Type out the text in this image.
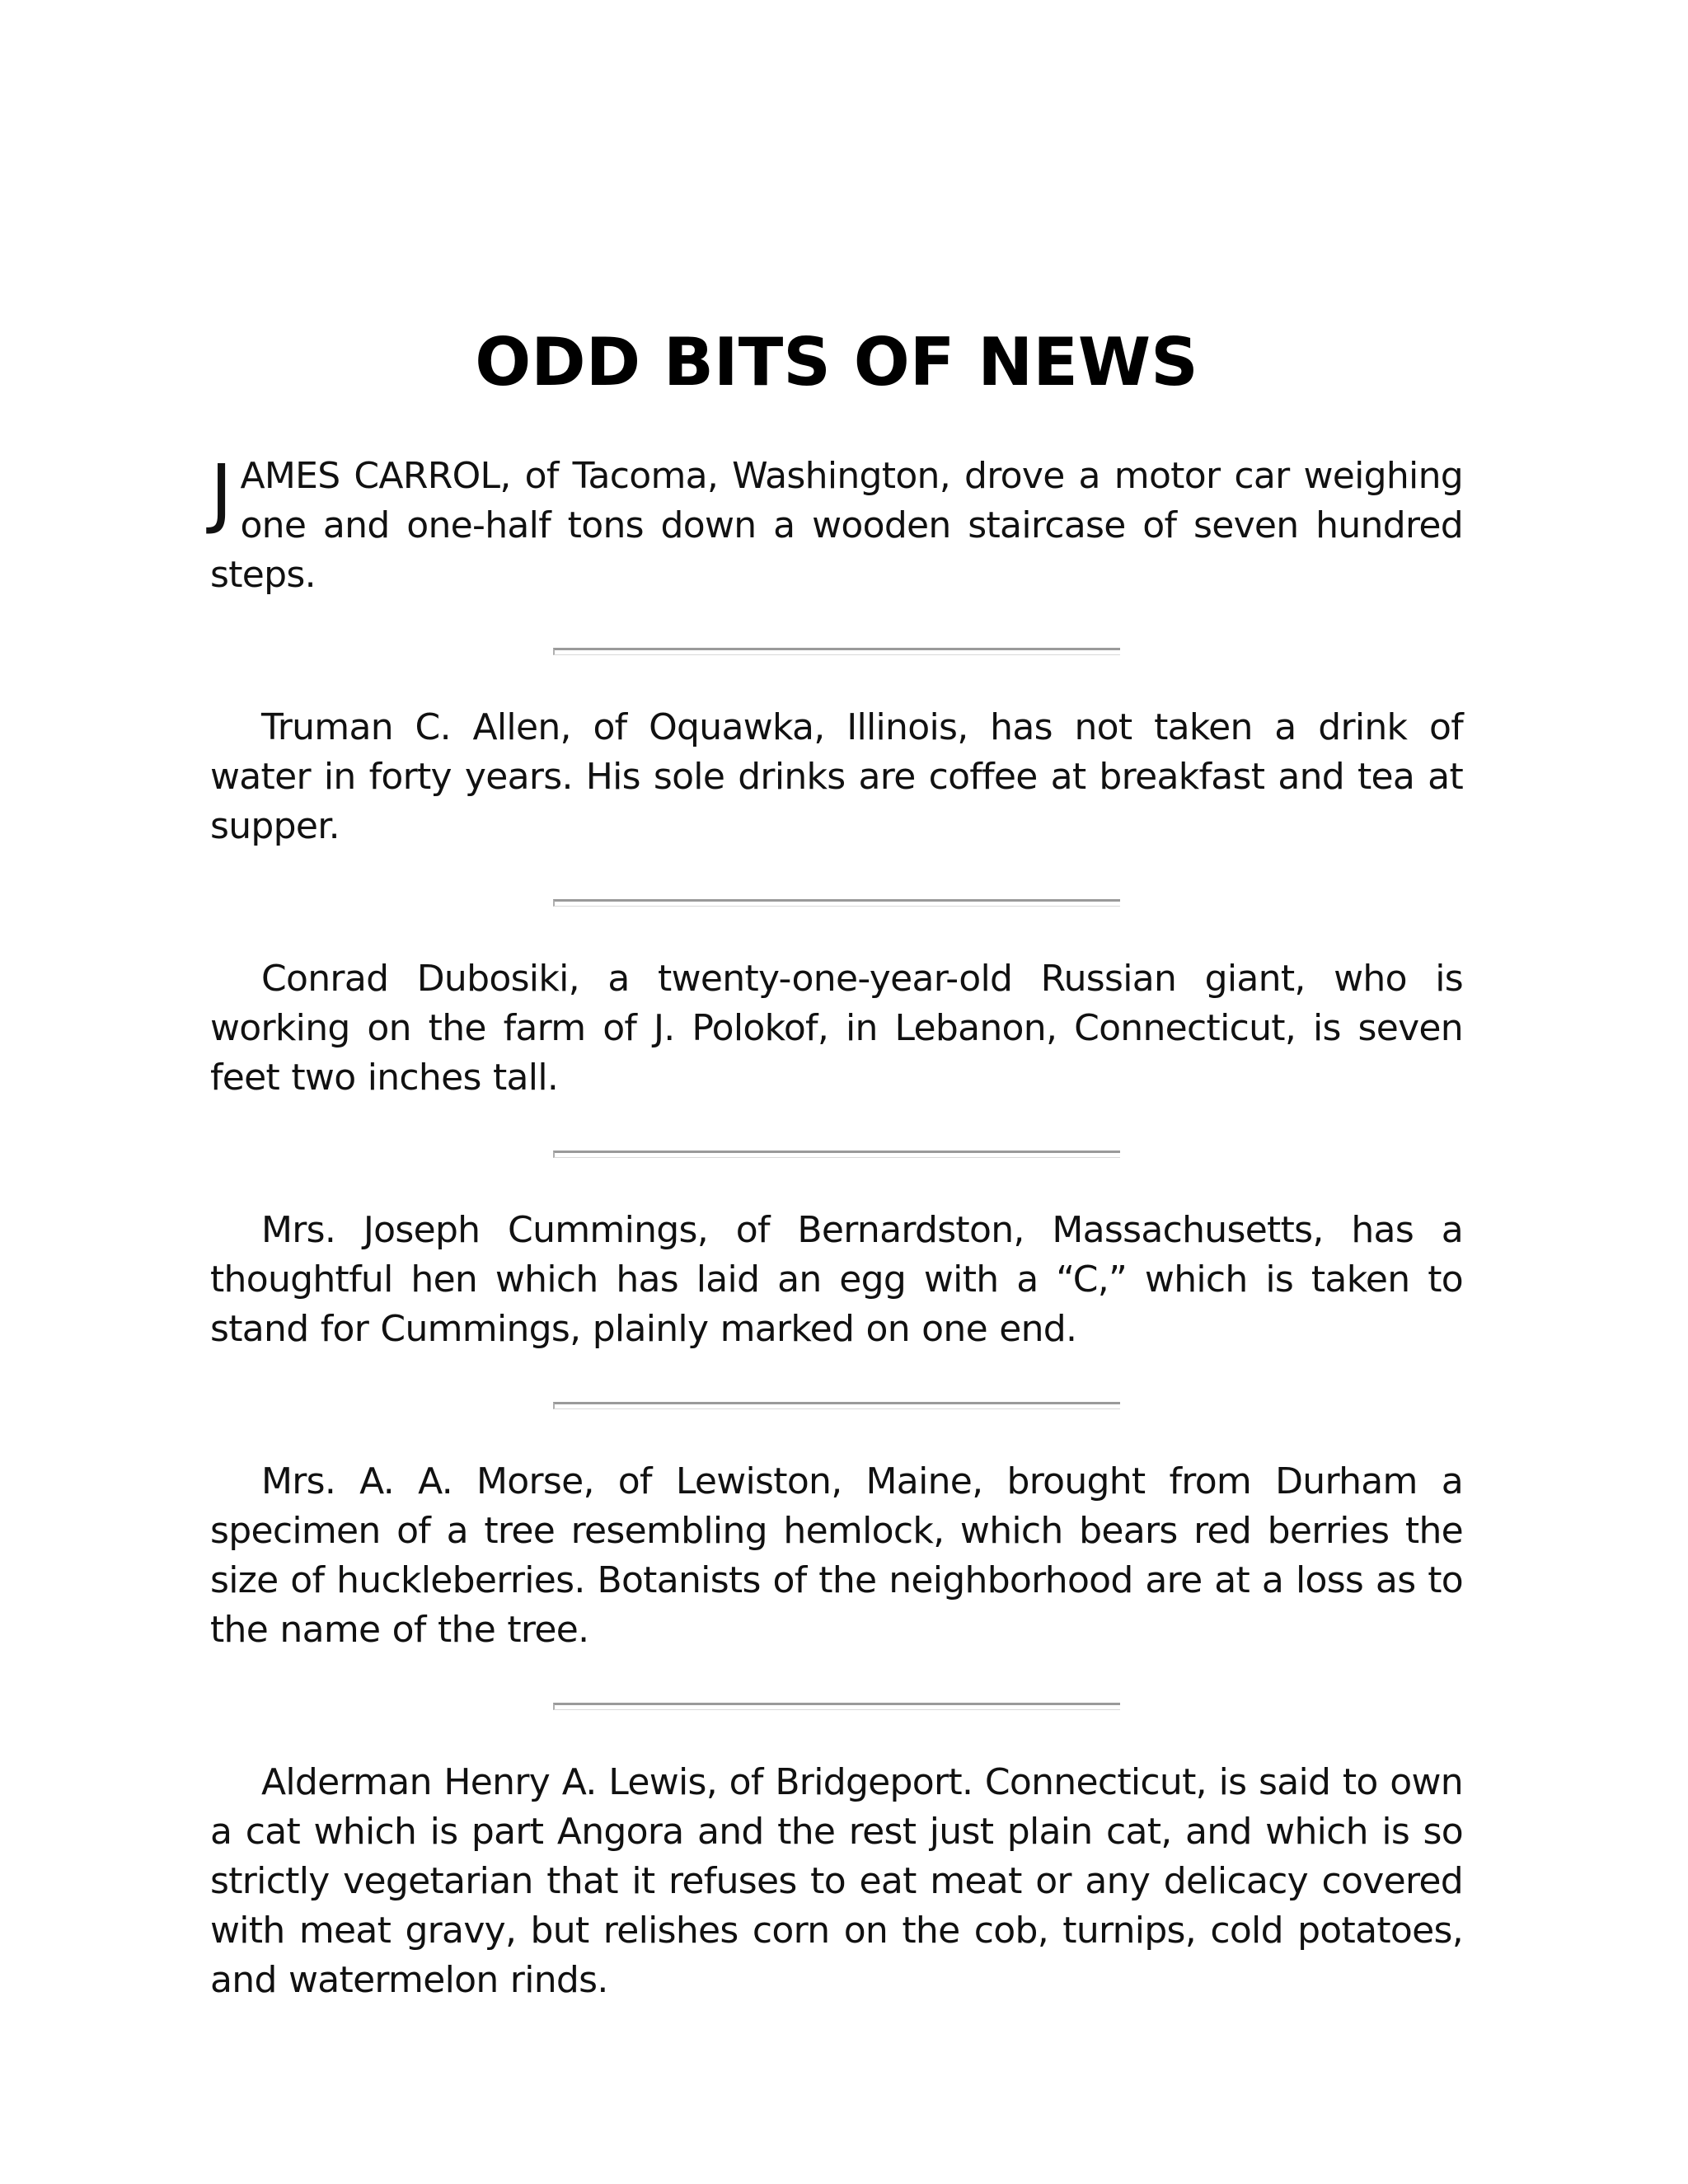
ODD BITS OF NEWS

JAMES CARROL, of Tacoma, Washington, drove a motor car weighing one and one-half tons down a wooden staircase of seven hundred steps.

Truman C. Allen, of Oquawka, Illinois, has not taken a drink of water in forty years. His sole drinks are coffee at breakfast and tea at supper.

Conrad Dubosiki, a twenty-one-year-old Russian giant, who is working on the farm of J. Polokof, in Lebanon, Connecticut, is seven feet two inches tall.

Mrs. Joseph Cummings, of Bernardston, Massachusetts, has a thoughtful hen which has laid an egg with a “C,” which is taken to stand for Cummings, plainly marked on one end.

Mrs. A. A. Morse, of Lewiston, Maine, brought from Durham a specimen of a tree resembling hemlock, which bears red berries the size of huckleberries. Botanists of the neighborhood are at a loss as to the name of the tree.

Alderman Henry A. Lewis, of Bridgeport. Connecticut, is said to own a cat which is part Angora and the rest just plain cat, and which is so strictly vegetarian that it refuses to eat meat or any delicacy covered with meat gravy, but relishes corn on the cob, turnips, cold potatoes, and watermelon rinds.
